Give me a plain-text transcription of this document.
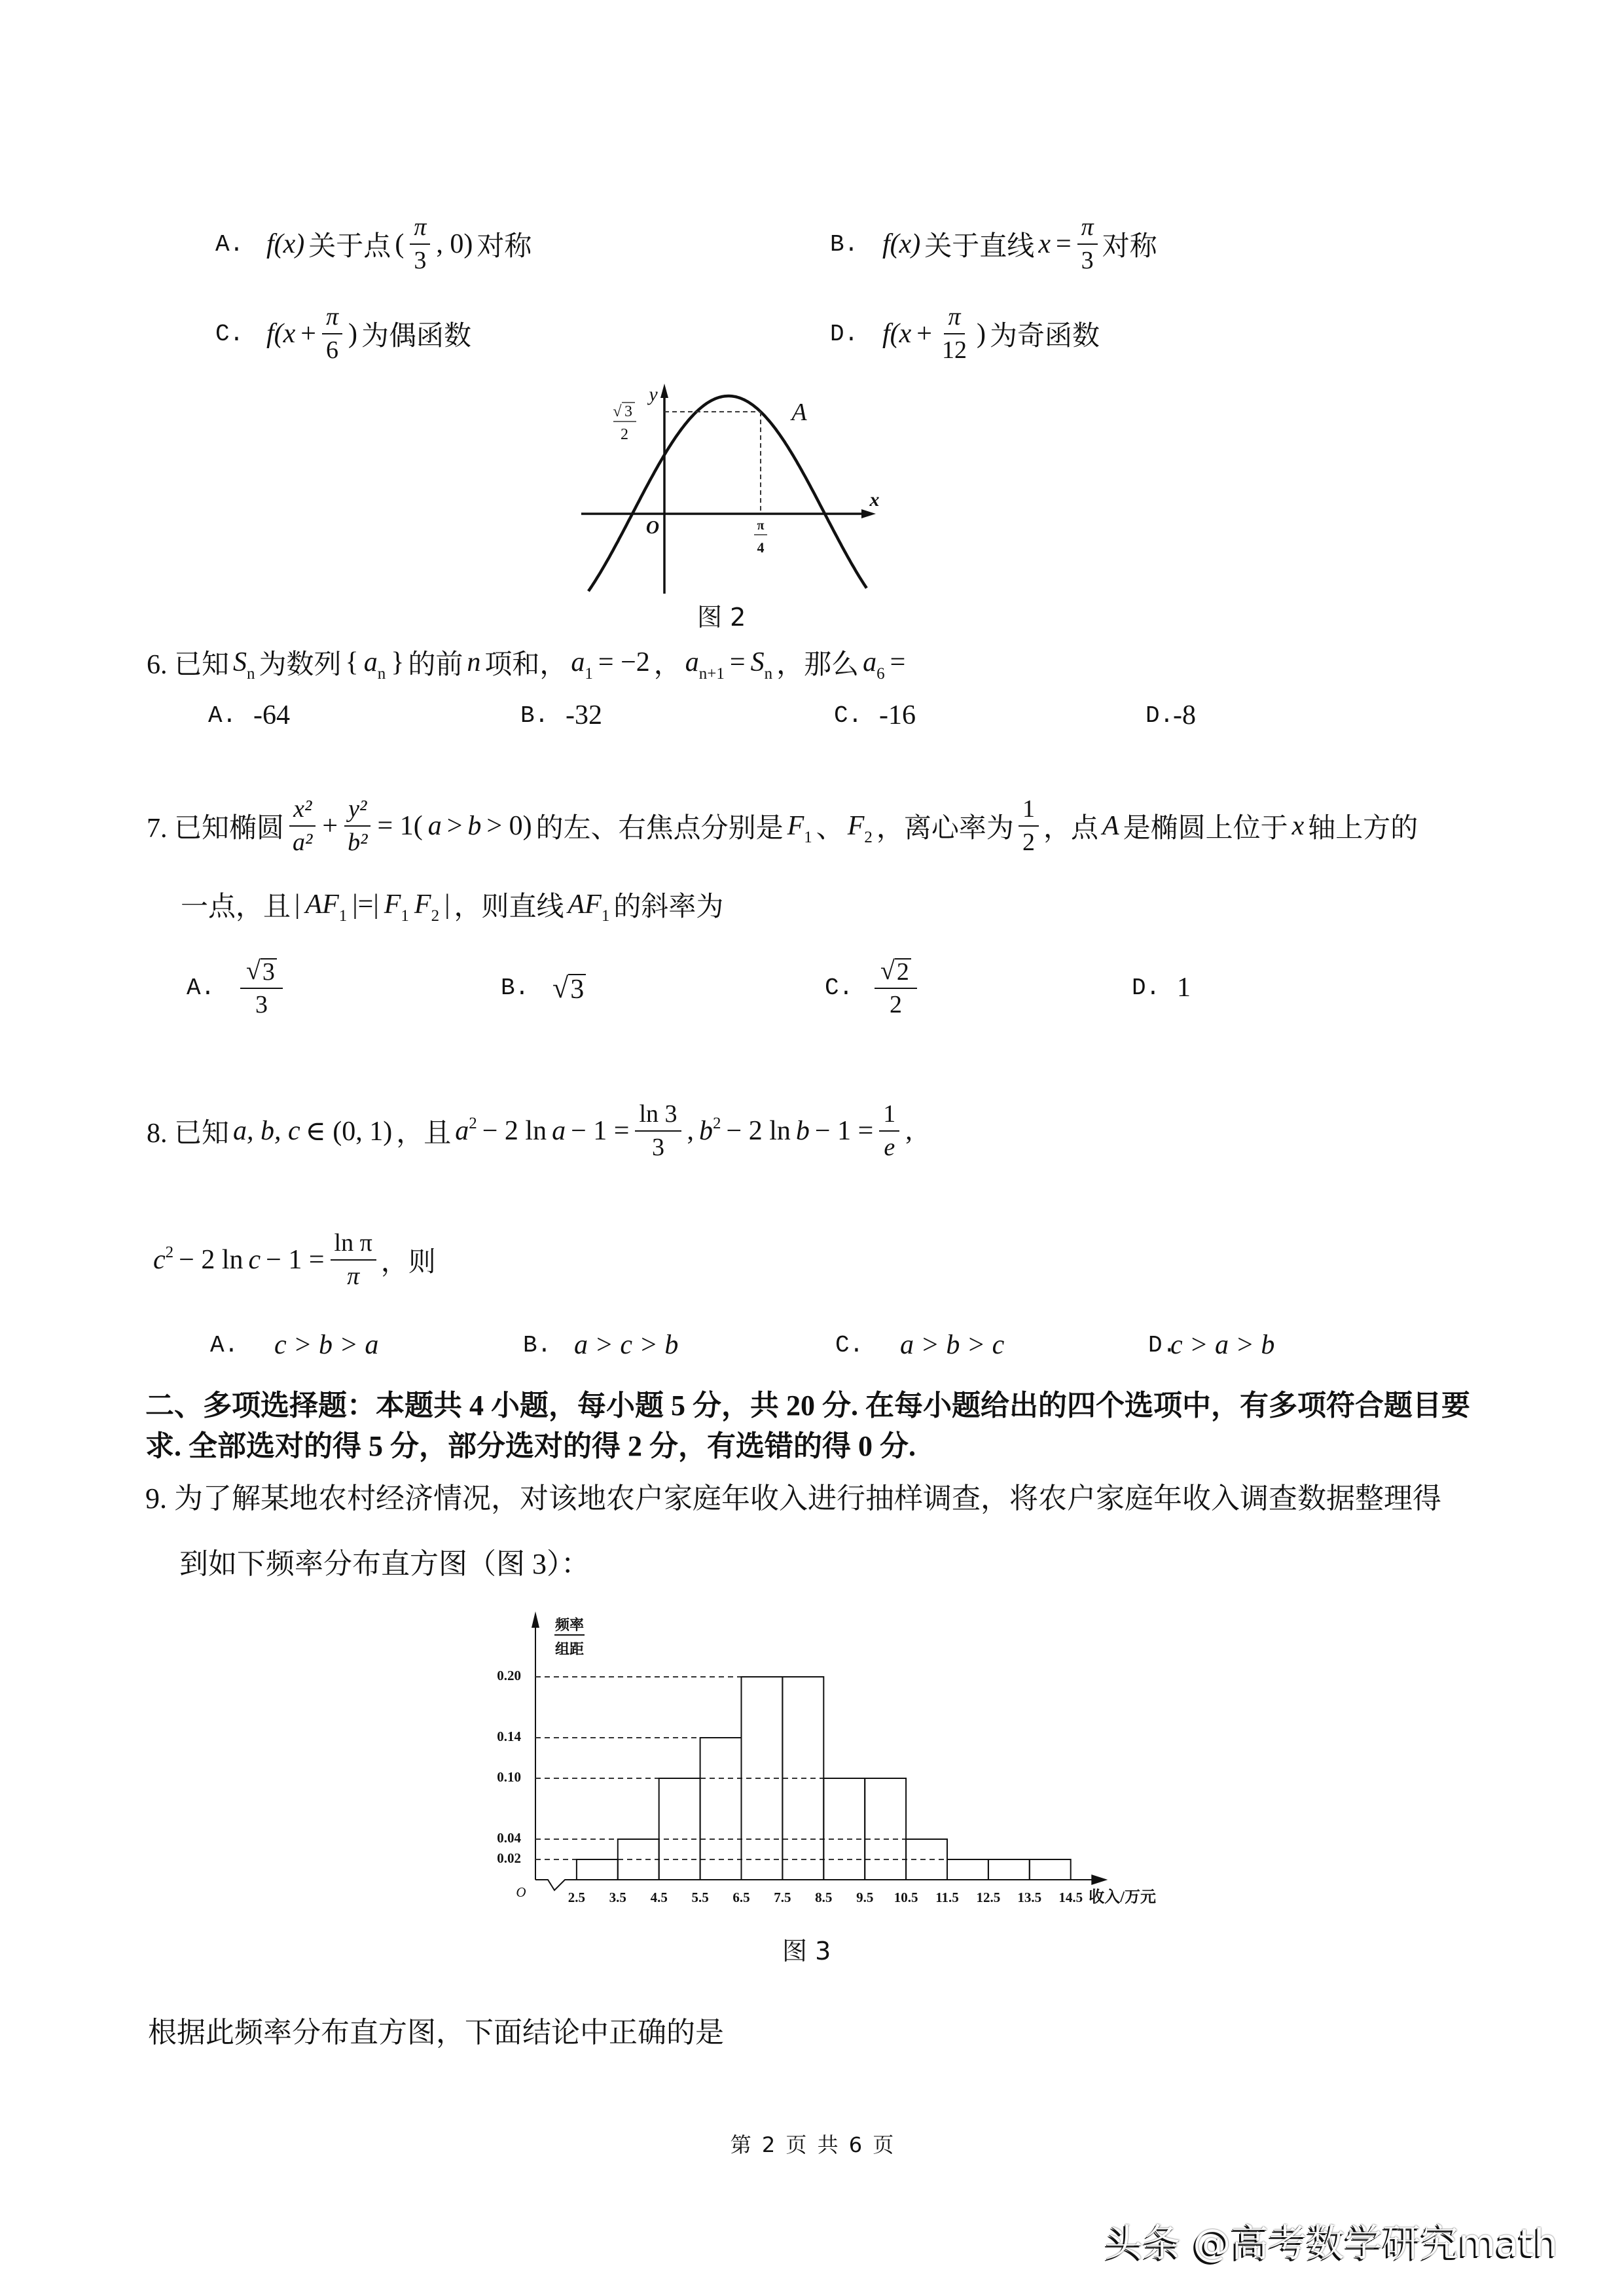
A. f(x) 关于点 ( $\frac{\pi}{3}$ , 0) 对称	B. f(x) 关于直线 $x = \frac{\pi}{3}$ 对称
C. $f(x + \frac{\pi}{6}$ ) 为偶函数	D. $f(x + \frac{\pi}{12}$ ) 为奇函数
y
x
O
A
√ 3
2
π
4
图 2
6. 已知 S n 为数列 { a n } 的前 n 项和， a 1 = −2 ， a n+1 = S n ，那么 a 6 =
A. -64	B. -32	C. -16	D.
-8
7. 已知椭圆 $\frac{\text{x²}}{\text{a²}} + \frac{\text{y²}}{\text{b²}} = 1$( a > b > 0) 的左、右焦点分别是 F 1 、 F 2 ，离心率为 $\frac{1}{2}$ ，点 A 是椭圆上位于 x 轴上方的
一点，且 | AF 1 |=| F 1 F 2 | ，则直线 AF 1 的斜率为
A. $\frac{√ 3}{3}$	B. √ 3	C. $\frac{√ 2}{2}$	D. 1
8. 已知 a, b, c ∈ (0, 1) ，且 a 2 − 2 $\ln a - 1 = \frac{\ln 3}{3}$ , b 2 − 2 $\ln b - 1 = \frac{1}{e}$ ,
c 2 − 2 $\ln c - 1 = \frac{\text{ln π}}{\pi}$ ，则
A.	c > b > a	B. a > c > b	C.	a > b > c	D.
c > a > b
二、多项选择题：本题共 4 小题，每小题 5 分，共 20 分. 在每小题给出的四个选项中，有多项符合题目要
求. 全部选对的得 5 分，部分选对的得 2 分，有选错的得 0 分.
9. 为了解某地农村经济情况，对该地农户家庭年收入进行抽样调查，将农户家庭年收入调查数据整理得
到如下频率分布直方图（图 3）：
0.02
0.04
0.10
0.14
0.20
2.5 3.5 4.5 5.5 6.5 7.5 8.5 9.5 10.5 11.5 12.5 13.5 14.5
频率
组距
收入/万元
O
图 3
根据此频率分布直方图，下面结论中正确的是
第 2 页 共 6 页
头条 @高考数学研究math
